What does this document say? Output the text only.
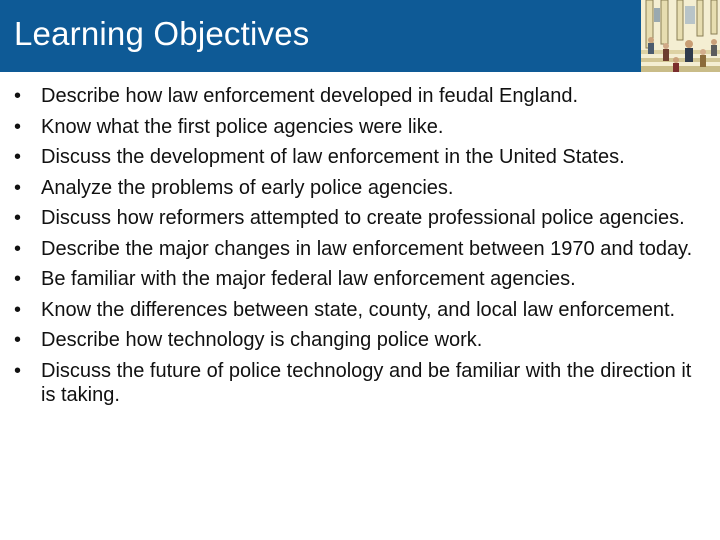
Learning Objectives
• Describe how law enforcement developed in feudal England.
• Know what the first police agencies were like.
• Discuss the development of law enforcement in the United States.
• Analyze the problems of early police agencies.
• Discuss how reformers attempted to create professional police agencies.
• Describe the major changes in law enforcement between 1970 and today.
• Be familiar with the major federal law enforcement agencies.
• Know the differences between state, county, and local law enforcement.
• Describe how technology is changing police work.
• Discuss the future of police technology and be familiar with the direction it is taking.
